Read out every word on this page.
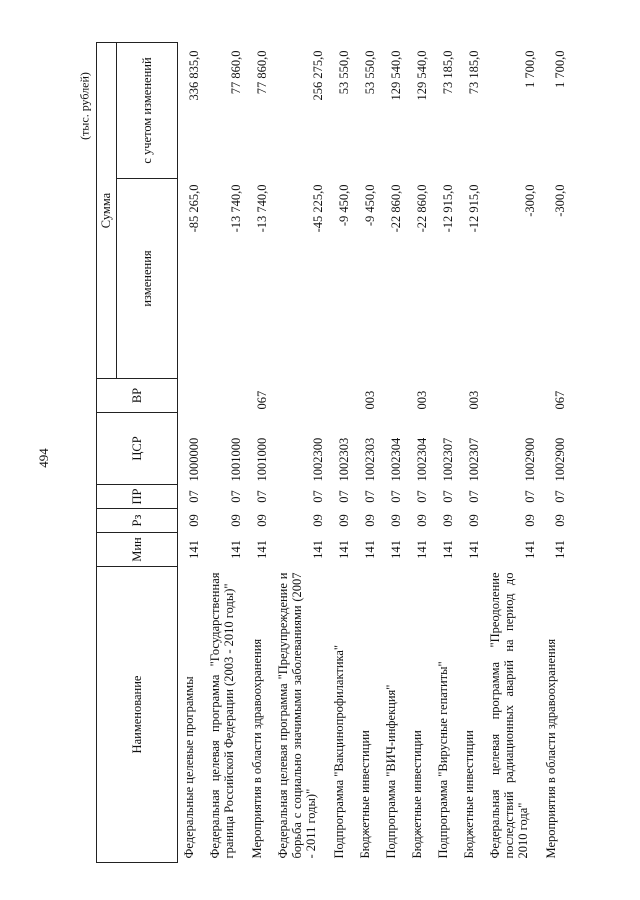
494
(тыс. рублей)
Наименование	Мин	Рз	ПР	ЦСР	ВР	Сумма	
						изменения	с учетом изменений
Федеральные целевые программы	141	09	07	1000000		-85 265,0	336 835,0
Федеральная целевая программа "Государственная граница Российской Федерации (2003 - 2010 годы)"	141	09	07	1001000		-13 740,0	77 860,0
Мероприятия в области здравоохранения	141	09	07	1001000	067	-13 740,0	77 860,0
Федеральная целевая программа "Предупреждение и борьба с социально значимыми заболеваниями (2007 - 2011 годы)"	141	09	07	1002300		-45 225,0	256 275,0
Подпрограмма "Вакцинопрофилактика"	141	09	07	1002303		-9 450,0	53 550,0
Бюджетные инвестиции	141	09	07	1002303	003	-9 450,0	53 550,0
Подпрограмма "ВИЧ-инфекция"	141	09	07	1002304		-22 860,0	129 540,0
Бюджетные инвестиции	141	09	07	1002304	003	-22 860,0	129 540,0
Подпрограмма "Вирусные гепатиты"	141	09	07	1002307		-12 915,0	73 185,0
Бюджетные инвестиции	141	09	07	1002307	003	-12 915,0	73 185,0
Федеральная целевая программа "Преодоление последствий радиационных аварий на период до 2010 года"	141	09	07	1002900		-300,0	1 700,0
Мероприятия в области здравоохранения	141	09	07	1002900	067	-300,0	1 700,0
